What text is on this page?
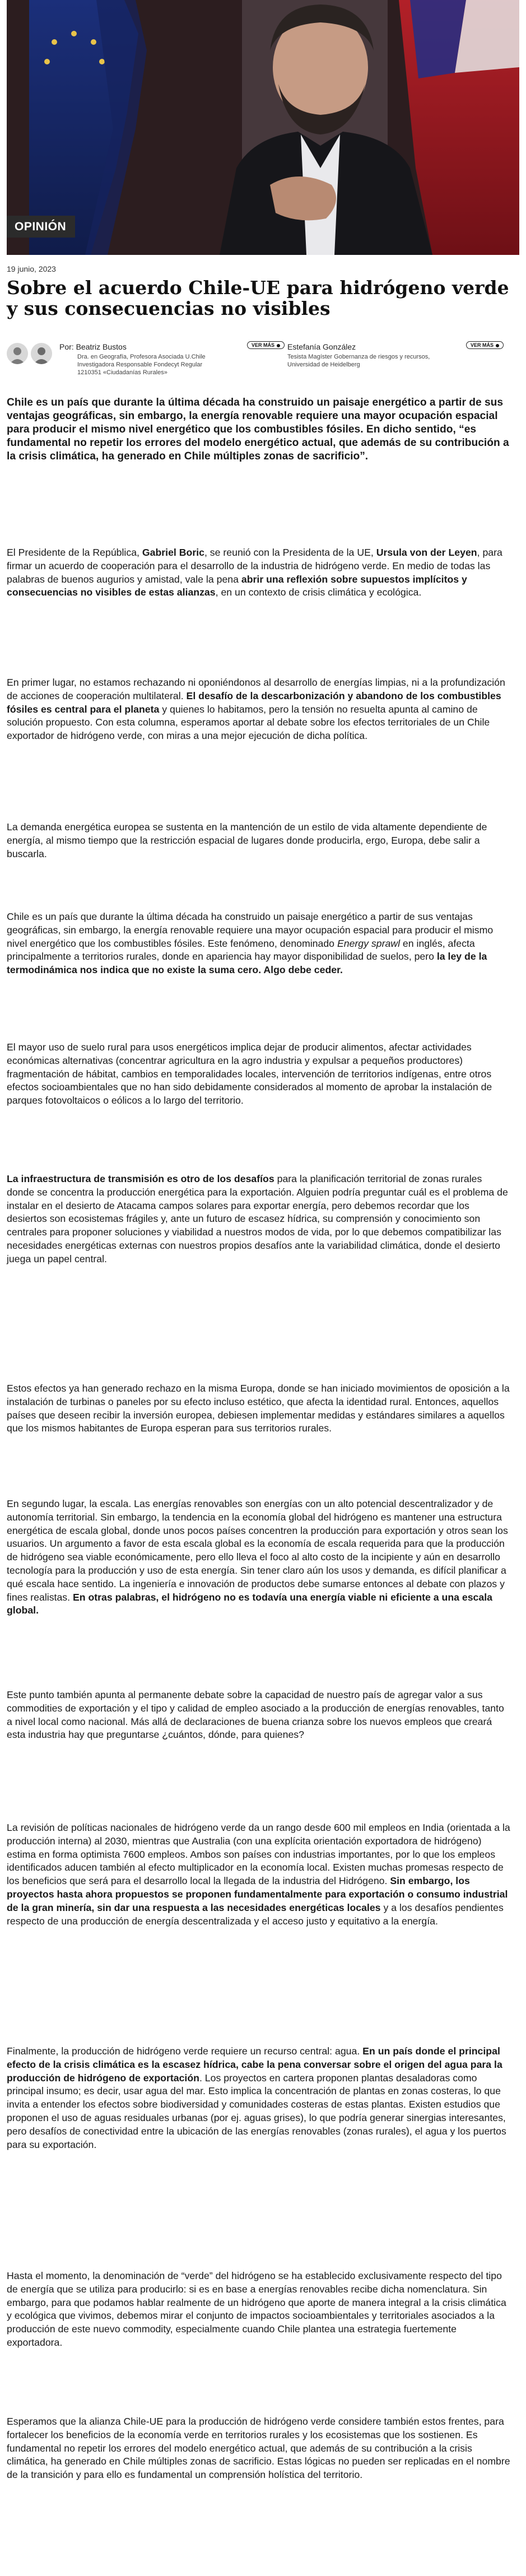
OPINIÓN
19 junio, 2023
Sobre el acuerdo Chile-UE para hidrógeno verde y sus consecuencias no visibles
Por: Beatriz Bustos
Dra. en Geografía, Profesora Asociada U.Chile
Investigadora Responsable Fondecyt Regular
1210351 «Ciudadanías Rurales»
VER MÁS	Estefanía González
Tesista Magíster Gobernanza de riesgos y recursos,
Universidad de Heidelberg
VER MÁS

Chile es un país que durante la última década ha construido un paisaje energético a partir de sus ventajas geográficas, sin embargo, la energía renovable requiere una mayor ocupación espacial para producir el mismo nivel energético que los combustibles fósiles. En dicho sentido, “es fundamental no repetir los errores del modelo energético actual, que además de su contribución a la crisis climática, ha generado en Chile múltiples zonas de sacrificio”.

El Presidente de la República, Gabriel Boric, se reunió con la Presidenta de la UE, Ursula von der Leyen, para firmar un acuerdo de cooperación para el desarrollo de la industria de hidrógeno verde. En medio de todas las palabras de buenos augurios y amistad, vale la pena abrir una reflexión sobre supuestos implícitos y consecuencias no visibles de estas alianzas, en un contexto de crisis climática y ecológica.

En primer lugar, no estamos rechazando ni oponiéndonos al desarrollo de energías limpias, ni a la profundización de acciones de cooperación multilateral. El desafío de la descarbonización y abandono de los combustibles fósiles es central para el planeta y quienes lo habitamos, pero la tensión no resuelta apunta al camino de solución propuesto. Con esta columna, esperamos aportar al debate sobre los efectos territoriales de un Chile exportador de hidrógeno verde, con miras a una mejor ejecución de dicha política.

La demanda energética europea se sustenta en la mantención de un estilo de vida altamente dependiente de energía, al mismo tiempo que la restricción espacial de lugares donde producirla, ergo, Europa, debe salir a buscarla.

Chile es un país que durante la última década ha construido un paisaje energético a partir de sus ventajas geográficas, sin embargo, la energía renovable requiere una mayor ocupación espacial para producir el mismo nivel energético que los combustibles fósiles. Este fenómeno, denominado Energy sprawl en inglés, afecta principalmente a territorios rurales, donde en apariencia hay mayor disponibilidad de suelos, pero la ley de la termodinámica nos indica que no existe la suma cero. Algo debe ceder.

El mayor uso de suelo rural para usos energéticos implica dejar de producir alimentos, afectar actividades económicas alternativas (concentrar agricultura en la agro industria y expulsar a pequeños productores) fragmentación de hábitat, cambios en temporalidades locales, intervención de territorios indígenas, entre otros efectos socioambientales que no han sido debidamente considerados al momento de aprobar la instalación de parques fotovoltaicos o eólicos a lo largo del territorio.

La infraestructura de transmisión es otro de los desafíos para la planificación territorial de zonas rurales donde se concentra la producción energética para la exportación. Alguien podría preguntar cuál es el problema de instalar en el desierto de Atacama campos solares para exportar energía, pero debemos recordar que los desiertos son ecosistemas frágiles y, ante un futuro de escasez hídrica, su comprensión y conocimiento son centrales para proponer soluciones y viabilidad a nuestros modos de vida, por lo que debemos compatibilizar las necesidades energéticas externas con nuestros propios desafíos ante la variabilidad climática, donde el desierto juega un papel central.

Estos efectos ya han generado rechazo en la misma Europa, donde se han iniciado movimientos de oposición a la instalación de turbinas o paneles por su efecto incluso estético, que afecta la identidad rural. Entonces, aquellos países que deseen recibir la inversión europea, debiesen implementar medidas y estándares similares a aquellos que los mismos habitantes de Europa esperan para sus territorios rurales.

En segundo lugar, la escala. Las energías renovables son energías con un alto potencial descentralizador y de autonomía territorial. Sin embargo, la tendencia en la economía global del hidrógeno es mantener una estructura energética de escala global, donde unos pocos países concentren la producción para exportación y otros sean los usuarios. Un argumento a favor de esta escala global es la economía de escala requerida para que la producción de hidrógeno sea viable económicamente, pero ello lleva el foco al alto costo de la incipiente y aún en desarrollo tecnología para la producción y uso de esta energía. Sin tener claro aún los usos y demanda, es difícil planificar a qué escala hace sentido. La ingeniería e innovación de productos debe sumarse entonces al debate con plazos y fines realistas. En otras palabras, el hidrógeno no es todavía una energía viable ni eficiente a una escala global.

Este punto también apunta al permanente debate sobre la capacidad de nuestro país de agregar valor a sus commodities de exportación y el tipo y calidad de empleo asociado a la producción de energías renovables, tanto a nivel local como nacional. Más allá de declaraciones de buena crianza sobre los nuevos empleos que creará esta industria hay que preguntarse ¿cuántos, dónde, para quienes?

La revisión de políticas nacionales de hidrógeno verde da un rango desde 600 mil empleos en India (orientada a la producción interna) al 2030, mientras que Australia (con una explícita orientación exportadora de hidrógeno) estima en forma optimista 7600 empleos. Ambos son países con industrias importantes, por lo que los empleos identificados aducen también al efecto multiplicador en la economía local. Existen muchas promesas respecto de los beneficios que será para el desarrollo local la llegada de la industria del Hidrógeno. Sin embargo, los proyectos hasta ahora propuestos se proponen fundamentalmente para exportación o consumo industrial de la gran minería, sin dar una respuesta a las necesidades energéticas locales y a los desafíos pendientes respecto de una producción de energía descentralizada y el acceso justo y equitativo a la energía.

Finalmente, la producción de hidrógeno verde requiere un recurso central: agua. En un país donde el principal efecto de la crisis climática es la escasez hídrica, cabe la pena conversar sobre el origen del agua para la producción de hidrógeno de exportación. Los proyectos en cartera proponen plantas desaladoras como principal insumo; es decir, usar agua del mar. Esto implica la concentración de plantas en zonas costeras, lo que invita a entender los efectos sobre biodiversidad y comunidades costeras de estas plantas. Existen estudios que proponen el uso de aguas residuales urbanas (por ej. aguas grises), lo que podría generar sinergias interesantes, pero desafíos de conectividad entre la ubicación de las energías renovables (zonas rurales), el agua y los puertos para su exportación.

Hasta el momento, la denominación de “verde” del hidrógeno se ha establecido exclusivamente respecto del tipo de energía que se utiliza para producirlo: si es en base a energías renovables recibe dicha nomenclatura. Sin embargo, para que podamos hablar realmente de un hidrógeno que aporte de manera integral a la crisis climática y ecológica que vivimos, debemos mirar el conjunto de impactos socioambientales y territoriales asociados a la producción de este nuevo commodity, especialmente cuando Chile plantea una estrategia fuertemente exportadora.

Esperamos que la alianza Chile-UE para la producción de hidrógeno verde considere también estos frentes, para fortalecer los beneficios de la economía verde en territorios rurales y los ecosistemas que los sostienen. Es fundamental no repetir los errores del modelo energético actual, que además de su contribución a la crisis climática, ha generado en Chile múltiples zonas de sacrificio. Estas lógicas no pueden ser replicadas en el nombre de la transición y para ello es fundamental un comprensión holística del territorio.
